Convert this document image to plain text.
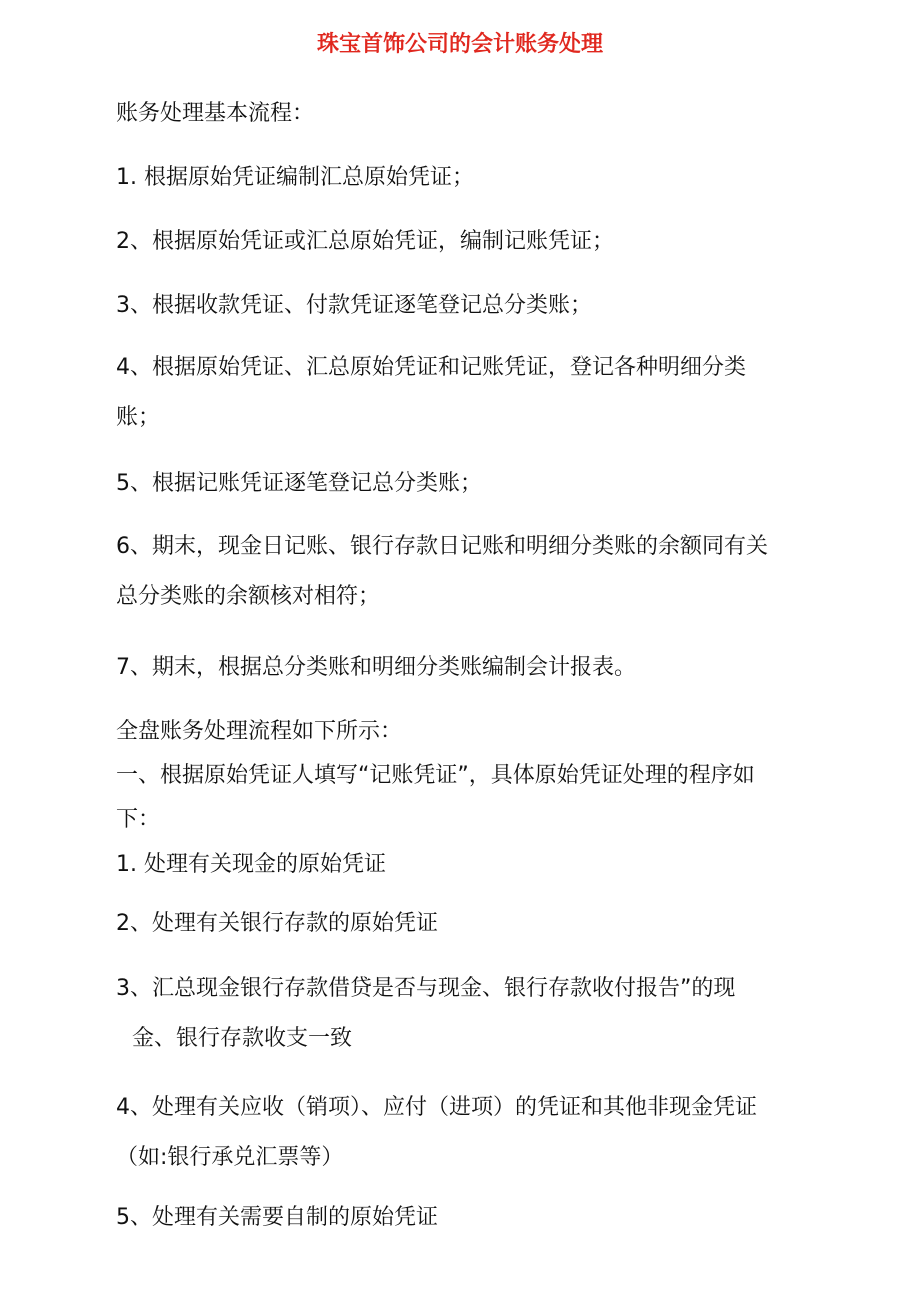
珠宝首饰公司的会计账务处理
账务处理基本流程：
1. 根据原始凭证编制汇总原始凭证；
2、根据原始凭证或汇总原始凭证，编制记账凭证；
3、根据收款凭证、付款凭证逐笔登记总分类账；
4、根据原始凭证、汇总原始凭证和记账凭证，登记各种明细分类账；
5、根据记账凭证逐笔登记总分类账；
6、期末，现金日记账、银行存款日记账和明细分类账的余额同有关总分类账的余额核对相符；
7、期末，根据总分类账和明细分类账编制会计报表。
全盘账务处理流程如下所示：
一、根据原始凭证人填写“记账凭证”，具体原始凭证处理的程序如下：
1. 处理有关现金的原始凭证
2、处理有关银行存款的原始凭证
3、汇总现金银行存款借贷是否与现金、银行存款收付报告”的现
金、银行存款收支一致
4、处理有关应收（销项）、应付（进项）的凭证和其他非现金凭证（如:银行承兑汇票等）
5、处理有关需要自制的原始凭证
